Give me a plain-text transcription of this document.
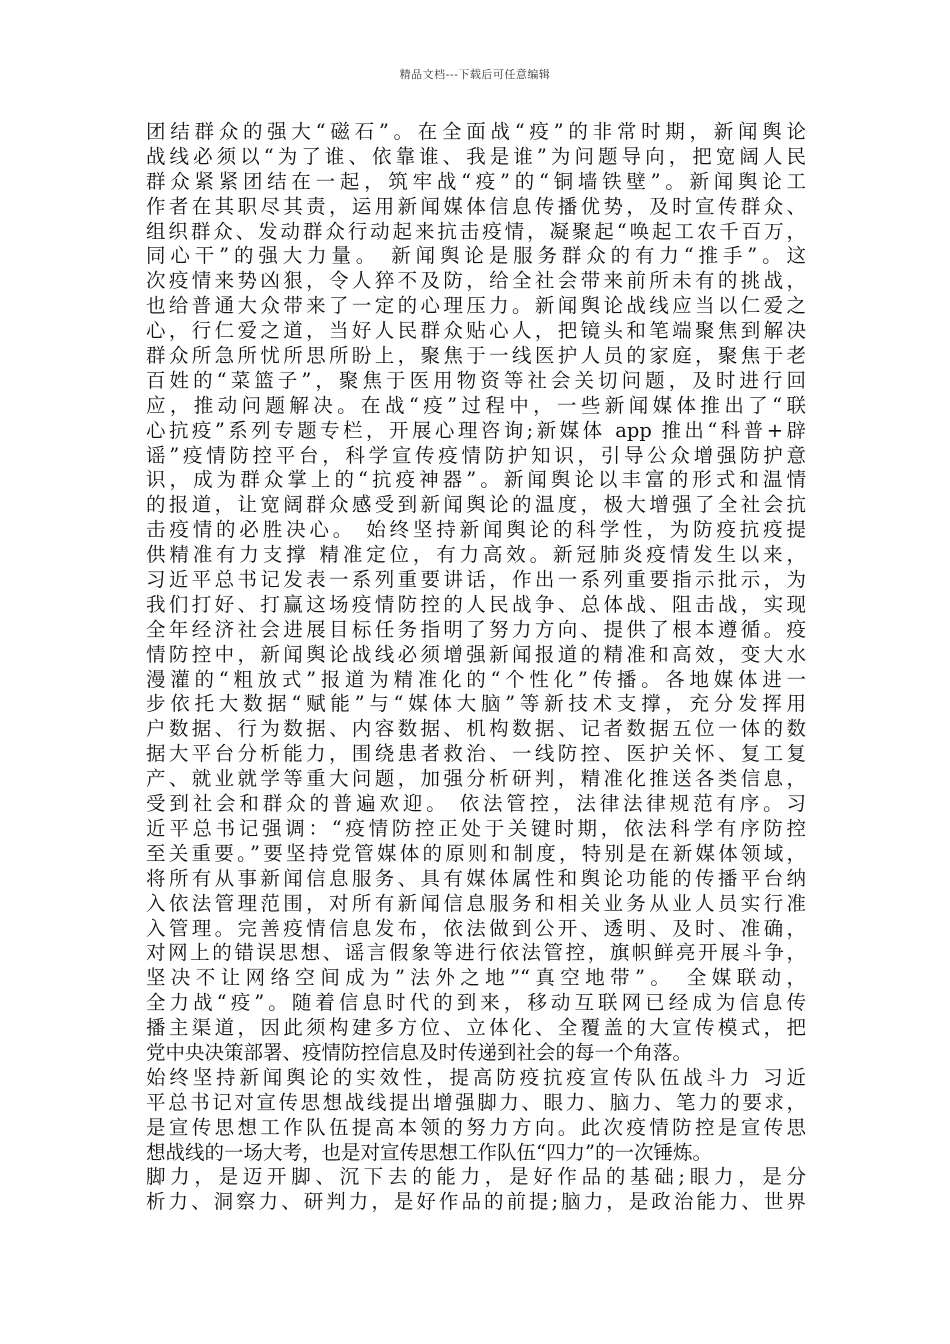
精品文档---下载后可任意编辑
团结群众的强大“磁石”。在全面战“疫”的非常时期，新闻舆论
战线必须以“为了谁、依靠谁、我是谁”为问题导向，把宽阔人民
群众紧紧团结在一起，筑牢战“疫”的“铜墙铁壁”。新闻舆论工
作者在其职尽其责，运用新闻媒体信息传播优势，及时宣传群众、
组织群众、发动群众行动起来抗击疫情，凝聚起“唤起工农千百万，
同心干”的强大力量。 新闻舆论是服务群众的有力“推手”。这
次疫情来势凶狠，令人猝不及防，给全社会带来前所未有的挑战，
也给普通大众带来了一定的心理压力。新闻舆论战线应当以仁爱之
心，行仁爱之道，当好人民群众贴心人，把镜头和笔端聚焦到解决
群众所急所忧所思所盼上，聚焦于一线医护人员的家庭，聚焦于老
百姓的“菜篮子”，聚焦于医用物资等社会关切问题，及时进行回
应，推动问题解决。在战“疫”过程中，一些新闻媒体推出了“联
心抗疫”系列专题专栏，开展心理咨询;新媒体 app 推出“科普+辟
谣”疫情防控平台，科学宣传疫情防护知识，引导公众增强防护意
识，成为群众掌上的“抗疫神器”。新闻舆论以丰富的形式和温情
的报道，让宽阔群众感受到新闻舆论的温度，极大增强了全社会抗
击疫情的必胜决心。 始终坚持新闻舆论的科学性，为防疫抗疫提
供精准有力支撑 精准定位，有力高效。新冠肺炎疫情发生以来，
习近平总书记发表一系列重要讲话，作出一系列重要指示批示，为
我们打好、打赢这场疫情防控的人民战争、总体战、阻击战，实现
全年经济社会进展目标任务指明了努力方向、提供了根本遵循。疫
情防控中，新闻舆论战线必须增强新闻报道的精准和高效，变大水
漫灌的“粗放式”报道为精准化的“个性化”传播。各地媒体进一
步依托大数据“赋能”与“媒体大脑”等新技术支撑，充分发挥用
户数据、行为数据、内容数据、机构数据、记者数据五位一体的数
据大平台分析能力，围绕患者救治、一线防控、医护关怀、复工复
产、就业就学等重大问题，加强分析研判，精准化推送各类信息，
受到社会和群众的普遍欢迎。 依法管控，法律法律规范有序。习
近平总书记强调：“疫情防控正处于关键时期，依法科学有序防控
至关重要。”要坚持党管媒体的原则和制度，特别是在新媒体领域，
将所有从事新闻信息服务、具有媒体属性和舆论功能的传播平台纳
入依法管理范围，对所有新闻信息服务和相关业务从业人员实行准
入管理。完善疫情信息发布，依法做到公开、透明、及时、准确，
对网上的错误思想、谣言假象等进行依法管控，旗帜鲜亮开展斗争，
坚决不让网络空间成为”法外之地”“真空地带”。 全媒联动，
全力战“疫”。随着信息时代的到来，移动互联网已经成为信息传
播主渠道，因此须构建多方位、立体化、全覆盖的大宣传模式，把
党中央决策部署、疫情防控信息及时传递到社会的每一个角落。
始终坚持新闻舆论的实效性，提高防疫抗疫宣传队伍战斗力 习近
平总书记对宣传思想战线提出增强脚力、眼力、脑力、笔力的要求，
是宣传思想工作队伍提高本领的努力方向。此次疫情防控是宣传思
想战线的一场大考，也是对宣传思想工作队伍“四力”的一次锤炼。
脚力，是迈开脚、沉下去的能力，是好作品的基础;眼力，是分
析力、洞察力、研判力，是好作品的前提;脑力，是政治能力、世界
